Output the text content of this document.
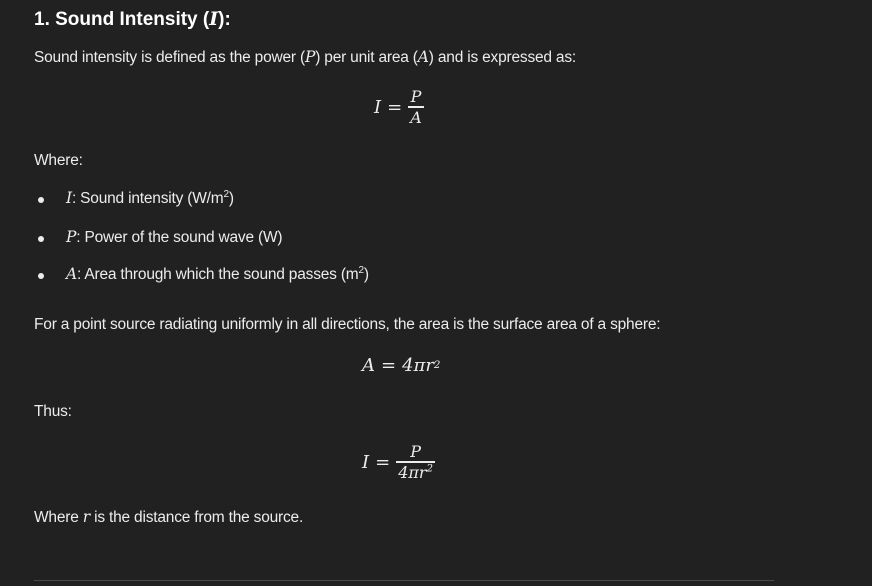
1. Sound Intensity (I):
Sound intensity is defined as the power (P) per unit area (A) and is expressed as:
$I = \frac{P}{A}$
Where:
I: Sound intensity $(W/m^2)$
P: Power of the sound wave (W)
A: Area through which the sound passes $(m^2)$
For a point source radiating uniformly in all directions, the area is the surface area of a sphere:
A = 4πr 2
Thus:
$I = \frac{P}{4\pi r^2}$
Where r is the distance from the source.
